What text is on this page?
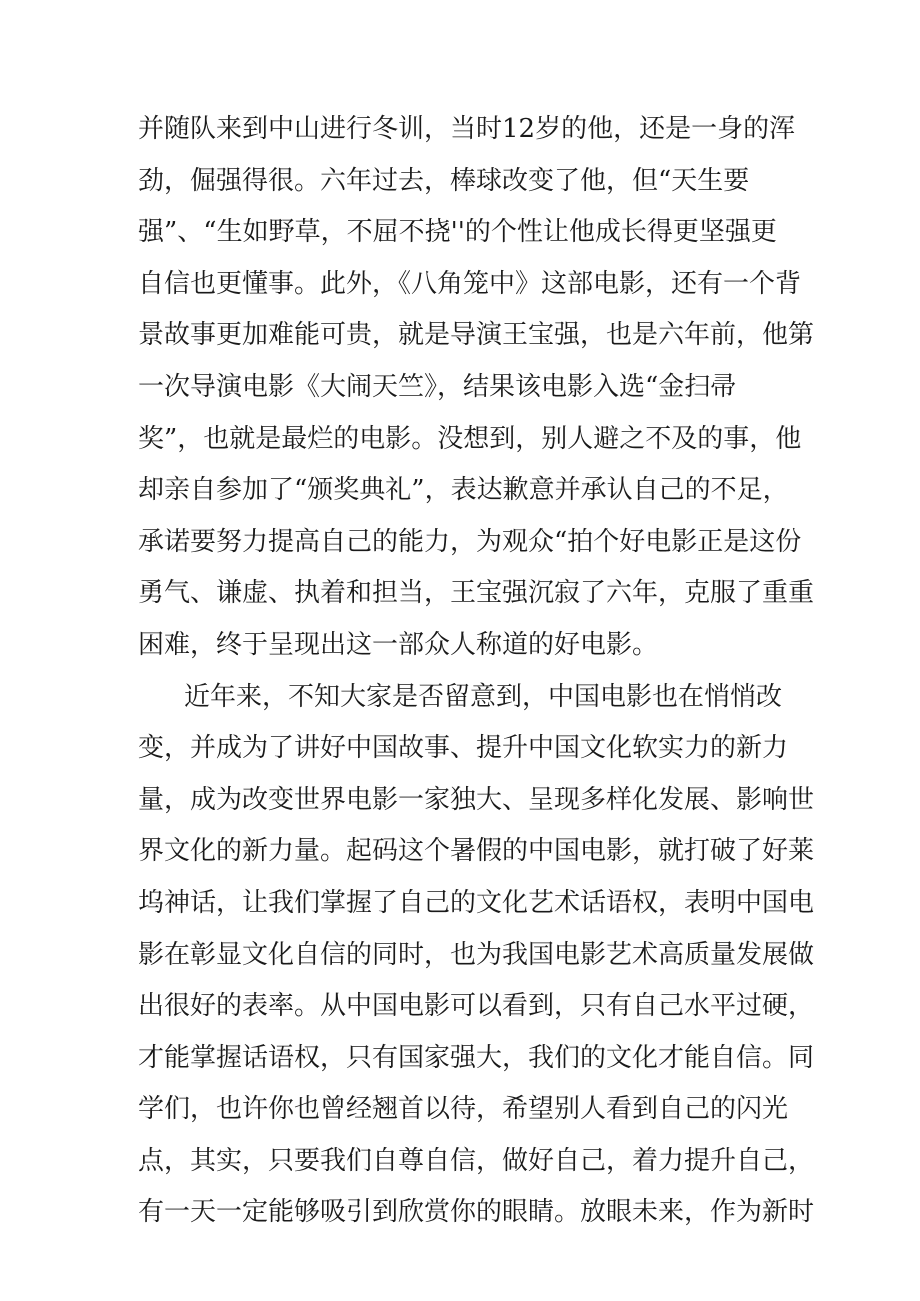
并随队来到中山进行冬训，当时12岁的他，还是一身的浑
劲，倔强得很。六年过去，棒球改变了他，但“天生要
强”、“生如野草，不屈不挠''的个性让他成长得更坚强更
自信也更懂事。此外，《八角笼中》这部电影，还有一个背
景故事更加难能可贵，就是导演王宝强，也是六年前，他第
一次导演电影《大闹天竺》，结果该电影入选“金扫帚
奖”，也就是最烂的电影。没想到，别人避之不及的事，他
却亲自参加了“颁奖典礼”，表达歉意并承认自己的不足，
承诺要努力提高自己的能力，为观众“拍个好电影正是这份
勇气、谦虚、执着和担当，王宝强沉寂了六年，克服了重重
困难，终于呈现出这一部众人称道的好电影。
近年来，不知大家是否留意到，中国电影也在悄悄改
变，并成为了讲好中国故事、提升中国文化软实力的新力
量，成为改变世界电影一家独大、呈现多样化发展、影响世
界文化的新力量。起码这个暑假的中国电影，就打破了好莱
坞神话，让我们掌握了自己的文化艺术话语权，表明中国电
影在彰显文化自信的同时，也为我国电影艺术高质量发展做
出很好的表率。从中国电影可以看到，只有自己水平过硬，
才能掌握话语权，只有国家强大，我们的文化才能自信。同
学们，也许你也曾经翘首以待，希望别人看到自己的闪光
点，其实，只要我们自尊自信，做好自己，着力提升自己，
有一天一定能够吸引到欣赏你的眼睛。放眼未来，作为新时
